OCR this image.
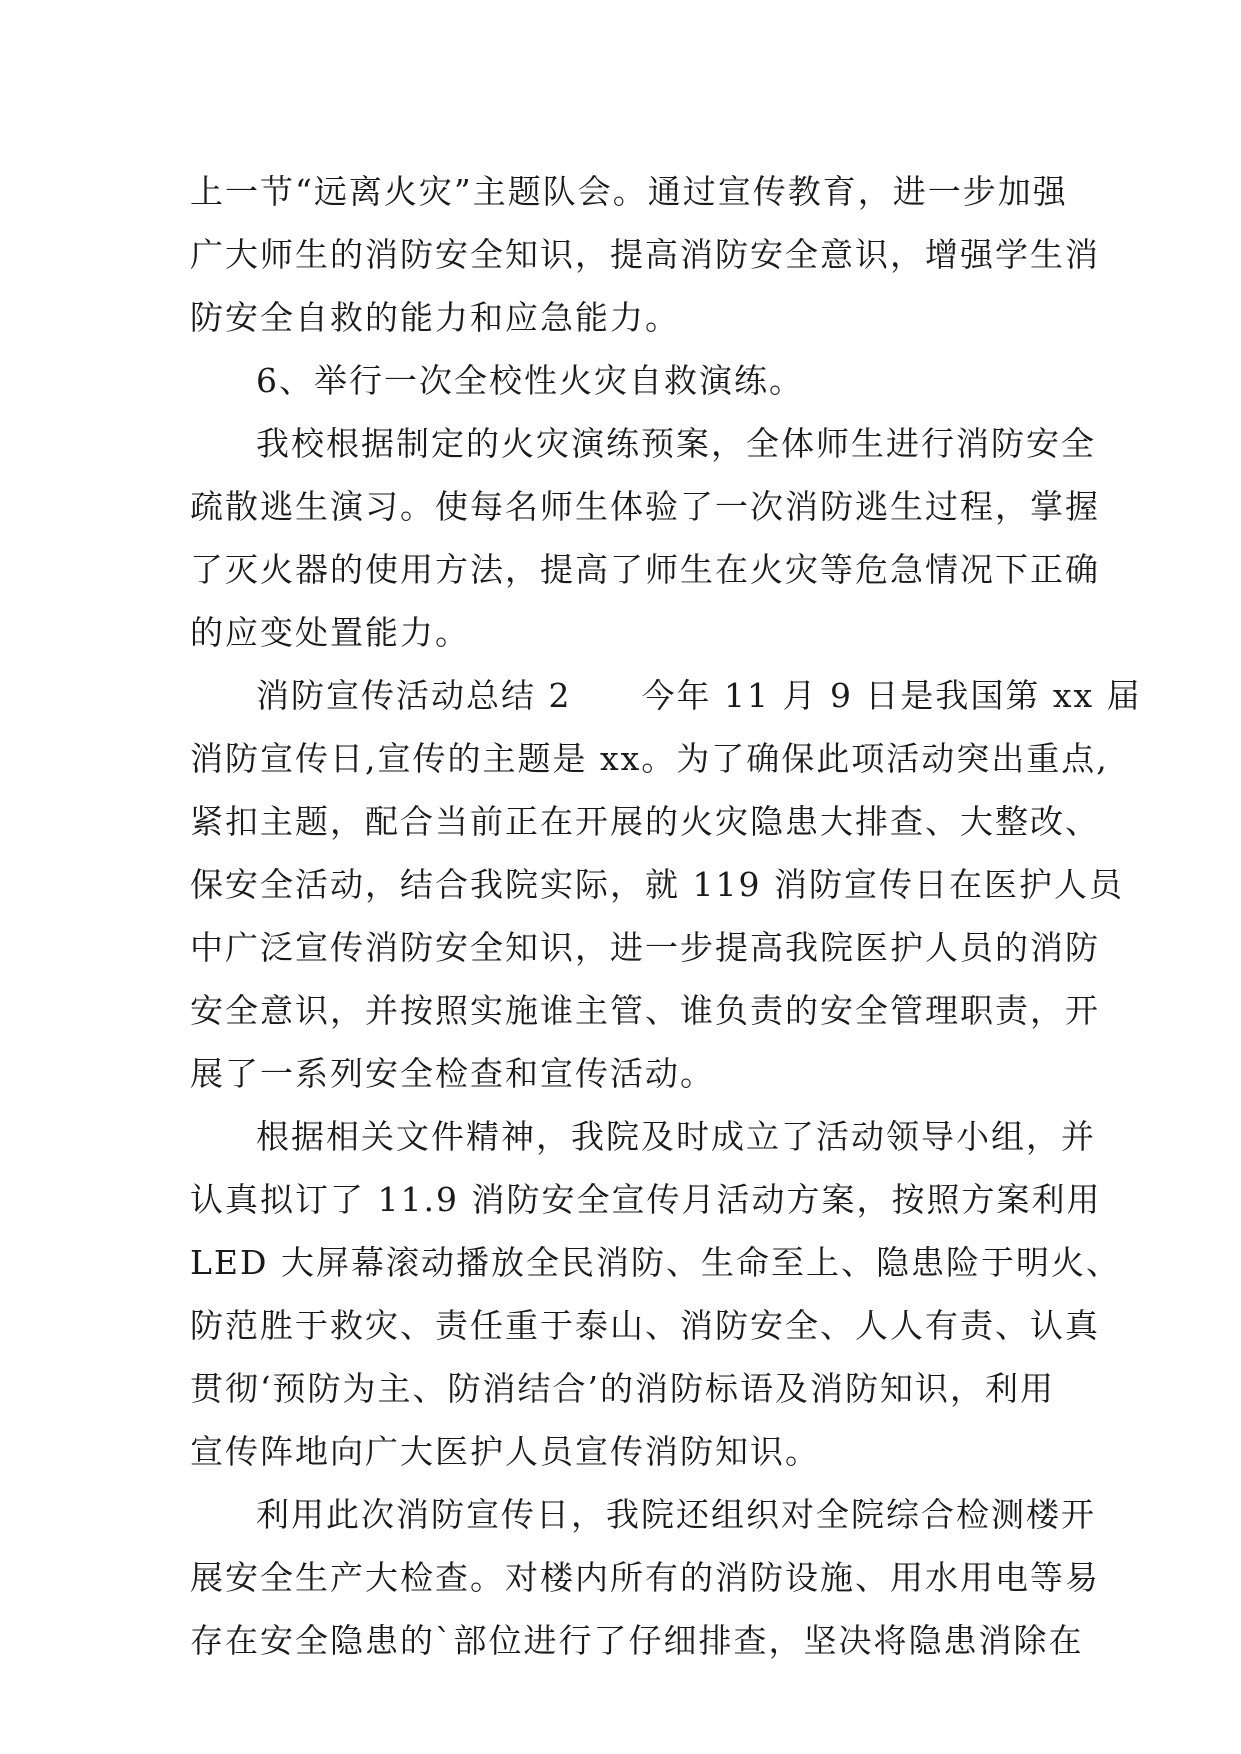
上一节“远离火灾”主题队会。通过宣传教育，进一步加强
广大师生的消防安全知识，提高消防安全意识，增强学生消
防安全自救的能力和应急能力。
6、举行一次全校性火灾自救演练。
我校根据制定的火灾演练预案，全体师生进行消防安全
疏散逃生演习。使每名师生体验了一次消防逃生过程，掌握
了灭火器的使用方法，提高了师生在火灾等危急情况下正确
的应变处置能力。
消防宣传活动总结 2　　今年 11 月 9 日是我国第 xx 届
消防宣传日,宣传的主题是 xx。为了确保此项活动突出重点,
紧扣主题，配合当前正在开展的火灾隐患大排查、大整改、
保安全活动，结合我院实际，就 119 消防宣传日在医护人员
中广泛宣传消防安全知识，进一步提高我院医护人员的消防
安全意识，并按照实施谁主管、谁负责的安全管理职责，开
展了一系列安全检查和宣传活动。
根据相关文件精神，我院及时成立了活动领导小组，并
认真拟订了 11.9 消防安全宣传月活动方案，按照方案利用
LED 大屏幕滚动播放全民消防、生命至上、隐患险于明火、
防范胜于救灾、责任重于泰山、消防安全、人人有责、认真
贯彻‘预防为主、防消结合’的消防标语及消防知识，利用
宣传阵地向广大医护人员宣传消防知识。
利用此次消防宣传日，我院还组织对全院综合检测楼开
展安全生产大检查。对楼内所有的消防设施、用水用电等易
存在安全隐患的`部位进行了仔细排查，坚决将隐患消除在
